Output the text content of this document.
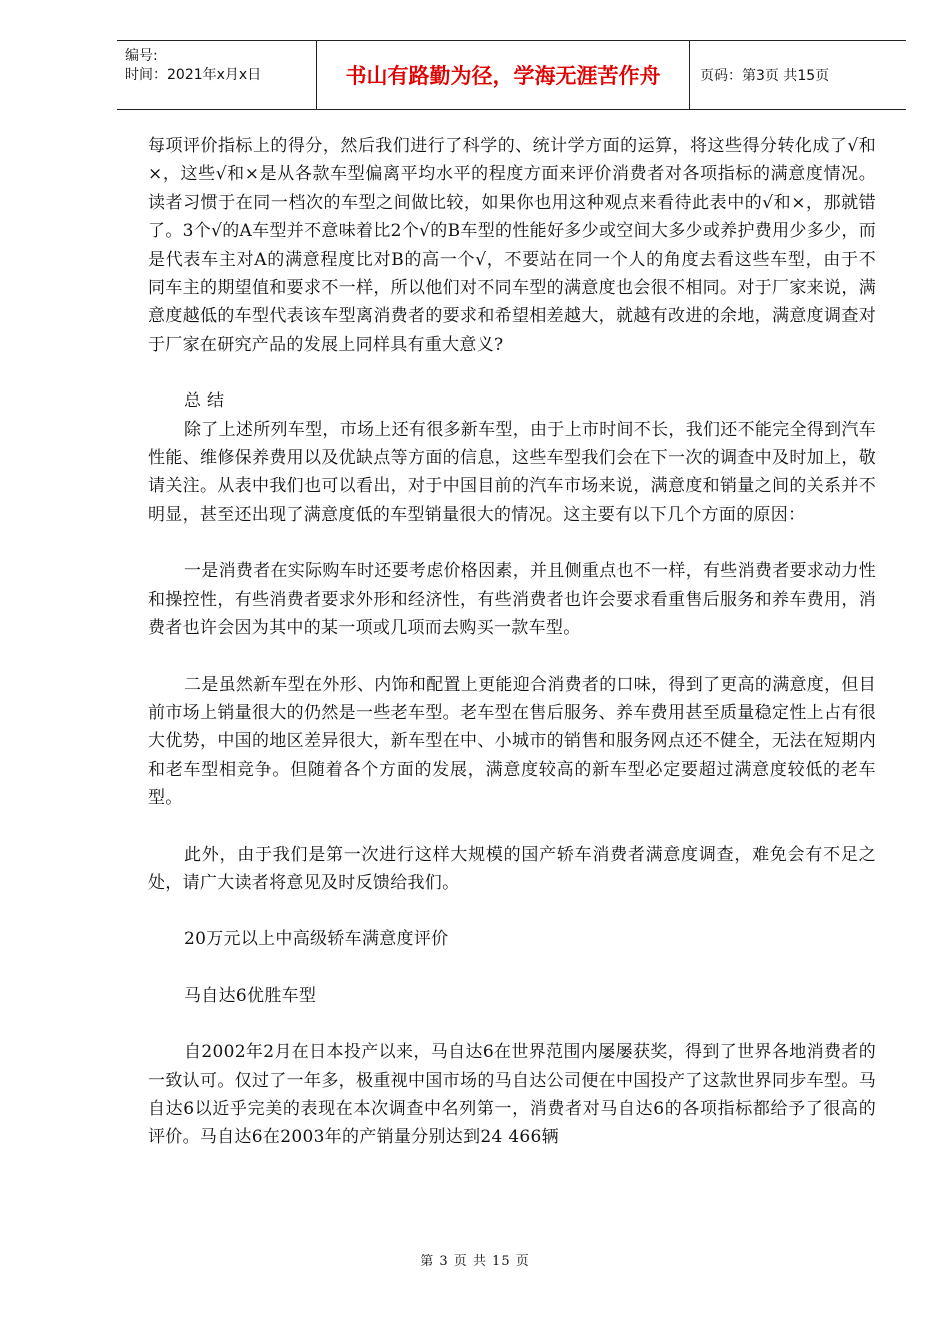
编号:
时间：2021年x月x日	书山有路勤为径，学海无涯苦作舟	页码：第3页 共15页

每项评价指标上的得分，然后我们进行了科学的、统计学方面的运算，将这些得分转化成了√和×，这些√和×是从各款车型偏离平均水平的程度方面来评价消费者对各项指标的满意度情况。读者习惯于在同一档次的车型之间做比较，如果你也用这种观点来看待此表中的√和×，那就错了。3个√的A车型并不意味着比2个√的B车型的性能好多少或空间大多少或养护费用少多少，而是代表车主对A的满意程度比对B的高一个√，不要站在同一个人的角度去看这些车型，由于不同车主的期望值和要求不一样，所以他们对不同车型的满意度也会很不相同。对于厂家来说，满意度越低的车型代表该车型离消费者的要求和希望相差越大，就越有改进的余地，满意度调查对于厂家在研究产品的发展上同样具有重大意义?

总 结

除了上述所列车型，市场上还有很多新车型，由于上市时间不长，我们还不能完全得到汽车性能、维修保养费用以及优缺点等方面的信息，这些车型我们会在下一次的调查中及时加上，敬请关注。从表中我们也可以看出，对于中国目前的汽车市场来说，满意度和销量之间的关系并不明显，甚至还出现了满意度低的车型销量很大的情况。这主要有以下几个方面的原因：

一是消费者在实际购车时还要考虑价格因素，并且侧重点也不一样，有些消费者要求动力性和操控性，有些消费者要求外形和经济性，有些消费者也许会要求看重售后服务和养车费用，消费者也许会因为其中的某一项或几项而去购买一款车型。

二是虽然新车型在外形、内饰和配置上更能迎合消费者的口味，得到了更高的满意度，但目前市场上销量很大的仍然是一些老车型。老车型在售后服务、养车费用甚至质量稳定性上占有很大优势，中国的地区差异很大，新车型在中、小城市的销售和服务网点还不健全，无法在短期内和老车型相竞争。但随着各个方面的发展，满意度较高的新车型必定要超过满意度较低的老车型。

此外，由于我们是第一次进行这样大规模的国产轿车消费者满意度调查，难免会有不足之处，请广大读者将意见及时反馈给我们。

20万元以上中高级轿车满意度评价

马自达6优胜车型

自2002年2月在日本投产以来，马自达6在世界范围内屡屡获奖，得到了世界各地消费者的一致认可。仅过了一年多，极重视中国市场的马自达公司便在中国投产了这款世界同步车型。马自达6以近乎完美的表现在本次调查中名列第一，消费者对马自达6的各项指标都给予了很高的评价。马自达6在2003年的产销量分别达到24 466辆

第 3 页 共 15 页
